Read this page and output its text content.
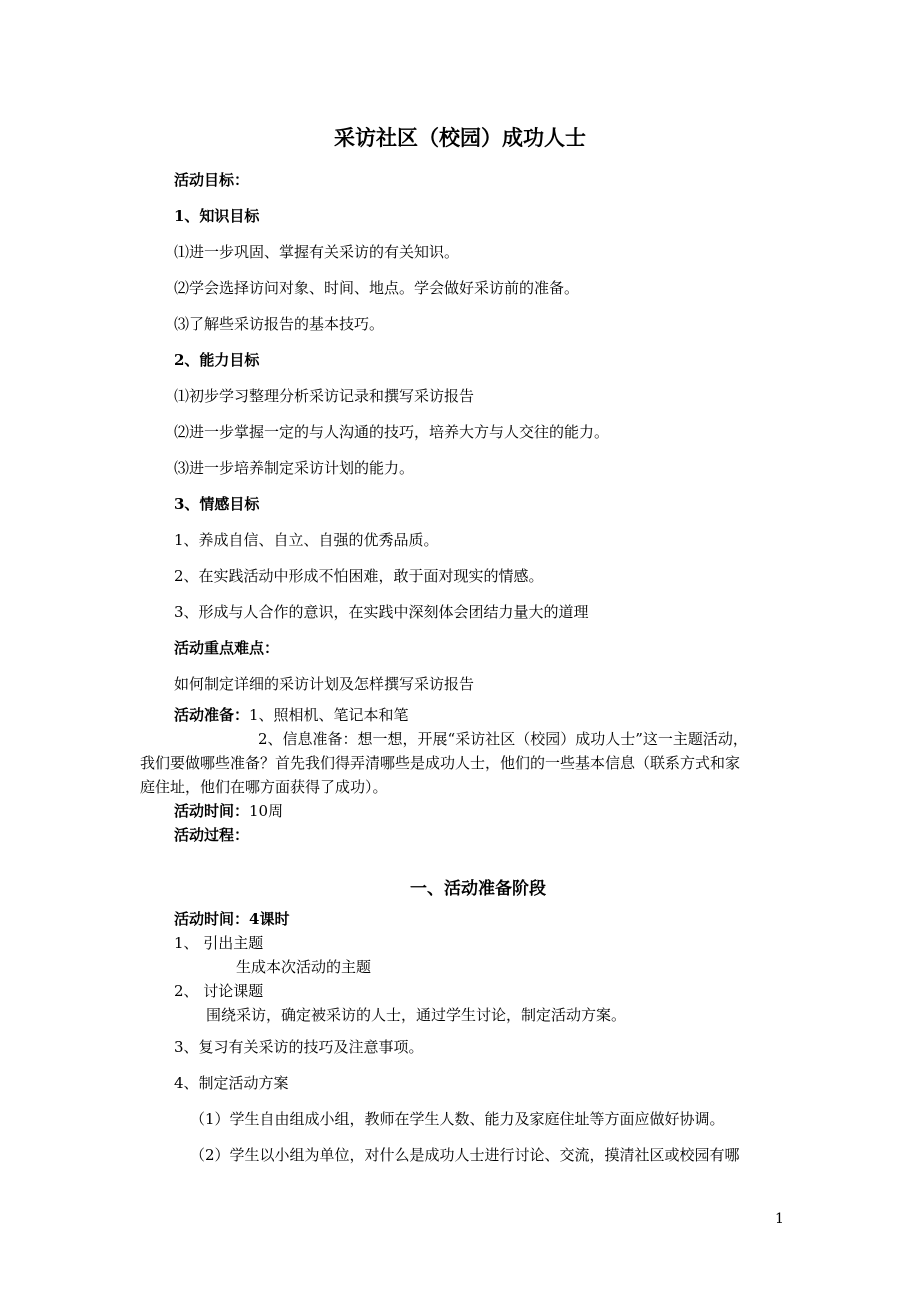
采访社区（校园）成功人士
活动目标：
1、知识目标
⑴进一步巩固、掌握有关采访的有关知识。
⑵学会选择访问对象、时间、地点。学会做好采访前的准备。
⑶了解些采访报告的基本技巧。
2、能力目标
⑴初步学习整理分析采访记录和撰写采访报告
⑵进一步掌握一定的与人沟通的技巧，培养大方与人交往的能力。
⑶进一步培养制定采访计划的能力。
3、情感目标
1、养成自信、自立、自强的优秀品质。
2、在实践活动中形成不怕困难，敢于面对现实的情感。
3、形成与人合作的意识，在实践中深刻体会团结力量大的道理
活动重点难点：
如何制定详细的采访计划及怎样撰写采访报告
活动准备：1、照相机、笔记本和笔
2、信息准备：想一想，开展“采访社区（校园）成功人士”这一主题活动，
我们要做哪些准备？首先我们得弄清哪些是成功人士，他们的一些基本信息（联系方式和家
庭住址，他们在哪方面获得了成功）。
活动时间：10周
活动过程：
一、活动准备阶段
活动时间：4课时
1、 引出主题
生成本次活动的主题
2、 讨论课题
围绕采访，确定被采访的人士，通过学生讨论，制定活动方案。
3、复习有关采访的技巧及注意事项。
4、制定活动方案
（1）学生自由组成小组，教师在学生人数、能力及家庭住址等方面应做好协调。
（2）学生以小组为单位，对什么是成功人士进行讨论、交流，摸清社区或校园有哪
1
